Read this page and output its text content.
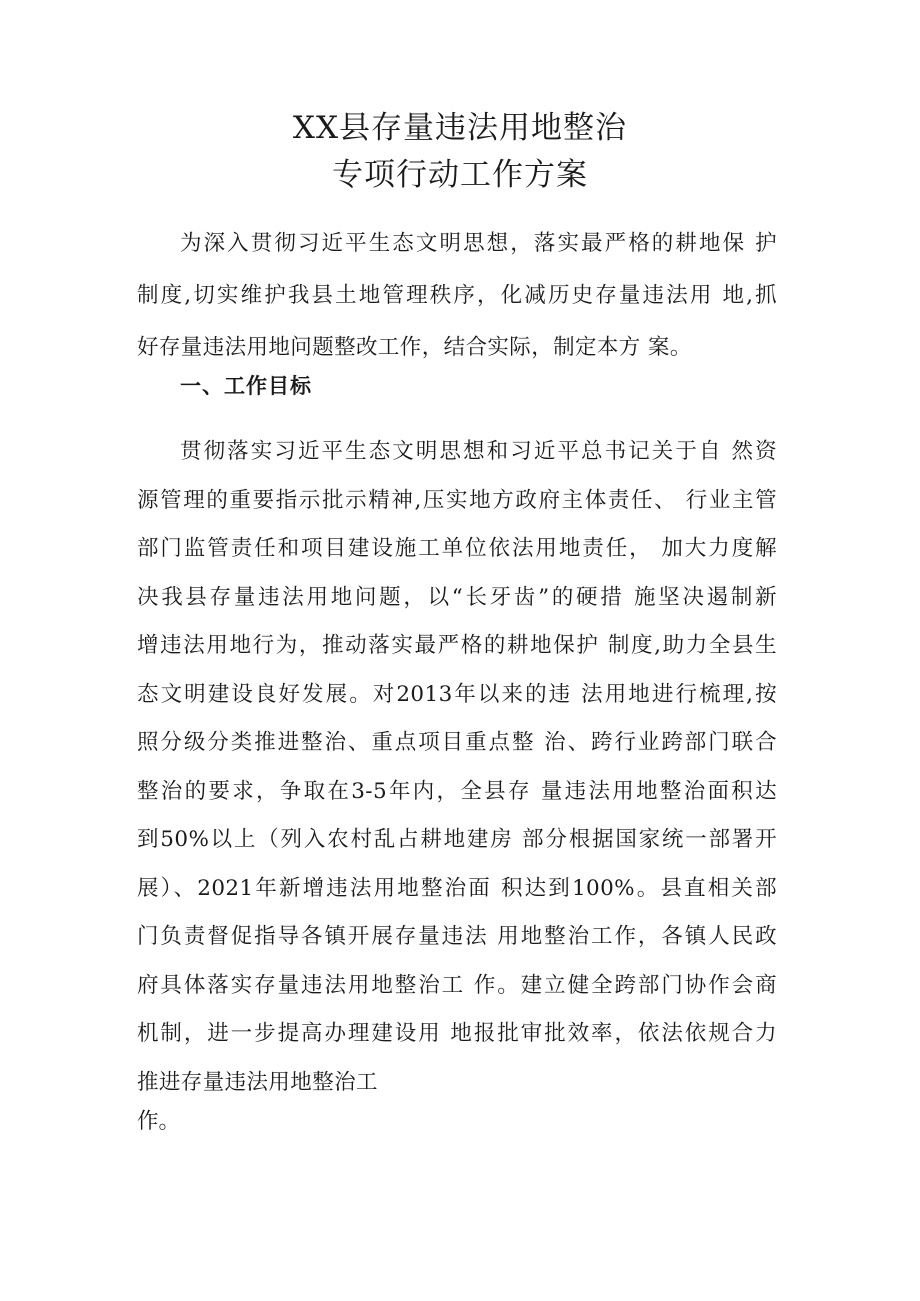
XX县存量违法用地整治
专项行动工作方案
为深入贯彻习近平生态文明思想，落实最严格的耕地保 护
制度,切实维护我县土地管理秩序，化减历史存量违法用 地,抓
好存量违法用地问题整改工作，结合实际，制定本方 案。
一、工作目标
贯彻落实习近平生态文明思想和习近平总书记关于自 然资
源管理的重要指示批示精神,压实地方政府主体责任、 行业主管
部门监管责任和项目建设施工单位依法用地责任， 加大力度解
决我县存量违法用地问题，以“长牙齿”的硬措 施坚决遏制新
增违法用地行为，推动落实最严格的耕地保护 制度,助力全县生
态文明建设良好发展。对2013年以来的违 法用地进行梳理,按
照分级分类推进整治、重点项目重点整 治、跨行业跨部门联合
整治的要求，争取在3-5年内，全县存 量违法用地整治面积达
到50%以上（列入农村乱占耕地建房 部分根据国家统一部署开
展）、2021年新增违法用地整治面 积达到100%。县直相关部
门负责督促指导各镇开展存量违法 用地整治工作，各镇人民政
府具体落实存量违法用地整治工 作。建立健全跨部门协作会商
机制，进一步提高办理建设用 地报批审批效率，依法依规合力
推进存量违法用地整治工
作。
